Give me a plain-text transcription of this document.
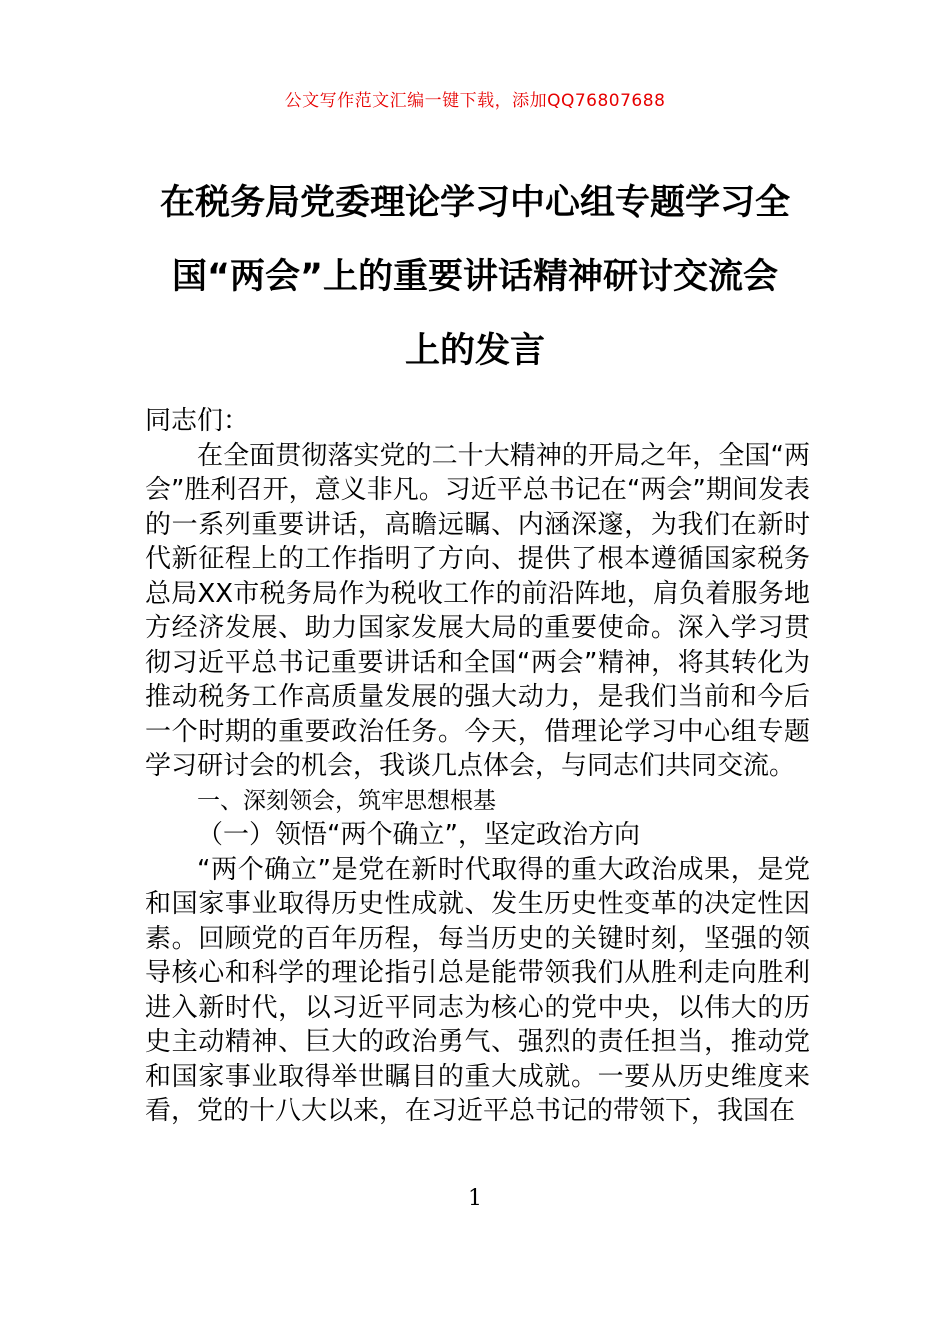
公文写作范文汇编一键下载，添加QQ76807688
在税务局党委理论学习中心组专题学习全
国“两会”上的重要讲话精神研讨交流会
上的发言

同志们：

在全面贯彻落实党的二十大精神的开局之年，全国“两会”胜利召开，意义非凡。习近平总书记在“两会”期间发表的一系列重要讲话，高瞻远瞩、内涵深邃，为我们在新时代新征程上的工作指明了方向、提供了根本遵循国家税务总局XX市税务局作为税收工作的前沿阵地，肩负着服务地方经济发展、助力国家发展大局的重要使命。深入学习贯彻习近平总书记重要讲话和全国“两会”精神，将其转化为推动税务工作高质量发展的强大动力，是我们当前和今后一个时期的重要政治任务。今天，借理论学习中心组专题学习研讨会的机会，我谈几点体会，与同志们共同交流。

一、深刻领会，筑牢思想根基

（一）领悟“两个确立”，坚定政治方向

“两个确立”是党在新时代取得的重大政治成果，是党和国家事业取得历史性成就、发生历史性变革的决定性因素。回顾党的百年历程，每当历史的关键时刻，坚强的领导核心和科学的理论指引总是能带领我们从胜利走向胜利进入新时代，以习近平同志为核心的党中央，以伟大的历史主动精神、巨大的政治勇气、强烈的责任担当，推动党和国家事业取得举世瞩目的重大成就。一要从历史维度来看，党的十八大以来，在习近平总书记的带领下，我国在

1
